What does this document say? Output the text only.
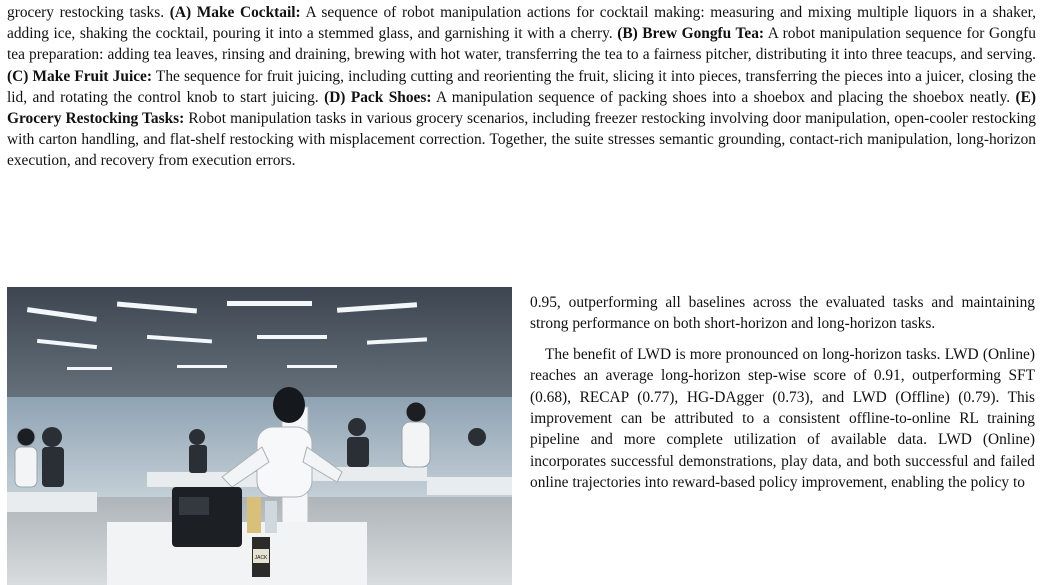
grocery restocking tasks. (A) Make Cocktail: A sequence of robot manipulation actions for cocktail making: measuring and mixing multiple liquors in a shaker, adding ice, shaking the cocktail, pouring it into a stemmed glass, and garnishing it with a cherry. (B) Brew Gongfu Tea: A robot manipulation sequence for Gongfu tea preparation: adding tea leaves, rinsing and draining, brewing with hot water, transferring the tea to a fairness pitcher, distributing it into three teacups, and serving. (C) Make Fruit Juice: The sequence for fruit juicing, including cutting and reorienting the fruit, slicing it into pieces, transferring the pieces into a juicer, closing the lid, and rotating the control knob to start juicing. (D) Pack Shoes: A manipulation sequence of packing shoes into a shoebox and placing the shoebox neatly. (E) Grocery Restocking Tasks: Robot manipulation tasks in various grocery scenarios, including freezer restocking involving door manipulation, open-cooler restocking with carton handling, and flat-shelf restocking with misplacement correction. Together, the suite stresses semantic grounding, contact-rich manipulation, long-horizon execution, and recovery from execution errors.

JACK

0.95, outperforming all baselines across the evaluated tasks and maintaining strong performance on both short-horizon and long-horizon tasks.

The benefit of LWD is more pronounced on long-horizon tasks. LWD (Online) reaches an average long-horizon step-wise score of 0.91, outperforming SFT (0.68), RECAP (0.77), HG-DAgger (0.73), and LWD (Offline) (0.79). This improvement can be attributed to a consistent offline-to-online RL training pipeline and more complete utilization of available data. LWD (Online) incorporates successful demonstrations, play data, and both successful and failed online trajectories into reward-based policy improvement, enabling the policy to
